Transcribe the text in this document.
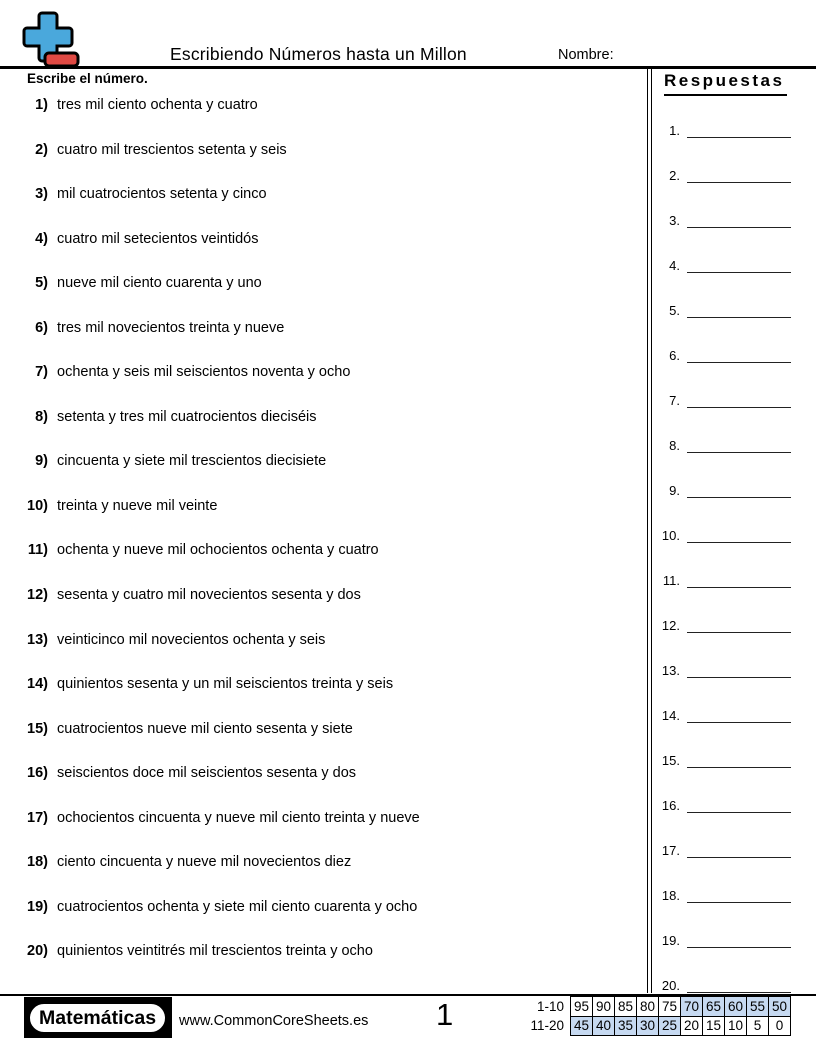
Escribiendo Números hasta un Millon	Nombre:
Escribe el número.
1) tres mil ciento ochenta y cuatro
2) cuatro mil trescientos setenta y seis
3) mil cuatrocientos setenta y cinco
4) cuatro mil setecientos veintidós
5) nueve mil ciento cuarenta y uno
6) tres mil novecientos treinta y nueve
7) ochenta y seis mil seiscientos noventa y ocho
8) setenta y tres mil cuatrocientos dieciséis
9) cincuenta y siete mil trescientos diecisiete
10) treinta y nueve mil veinte
11) ochenta y nueve mil ochocientos ochenta y cuatro
12) sesenta y cuatro mil novecientos sesenta y dos
13) veinticinco mil novecientos ochenta y seis
14) quinientos sesenta y un mil seiscientos treinta y seis
15) cuatrocientos nueve mil ciento sesenta y siete
16) seiscientos doce mil seiscientos sesenta y dos
17) ochocientos cincuenta y nueve mil ciento treinta y nueve
18) ciento cincuenta y nueve mil novecientos diez
19) cuatrocientos ochenta y siete mil ciento cuarenta y ocho
20) quinientos veintitrés mil trescientos treinta y ocho
Respuestas
1.
2.
3.
4.
5.
6.
7.
8.
9.
10.
11.
12.
13.
14.
15.
16.
17.
18.
19.
20.
Matemáticas	www.CommonCoreSheets.es 1	1-10	95	90	85	80	75	70	65	60	55	50
11-20	45	40	35	30	25	20	15	10	5	0
